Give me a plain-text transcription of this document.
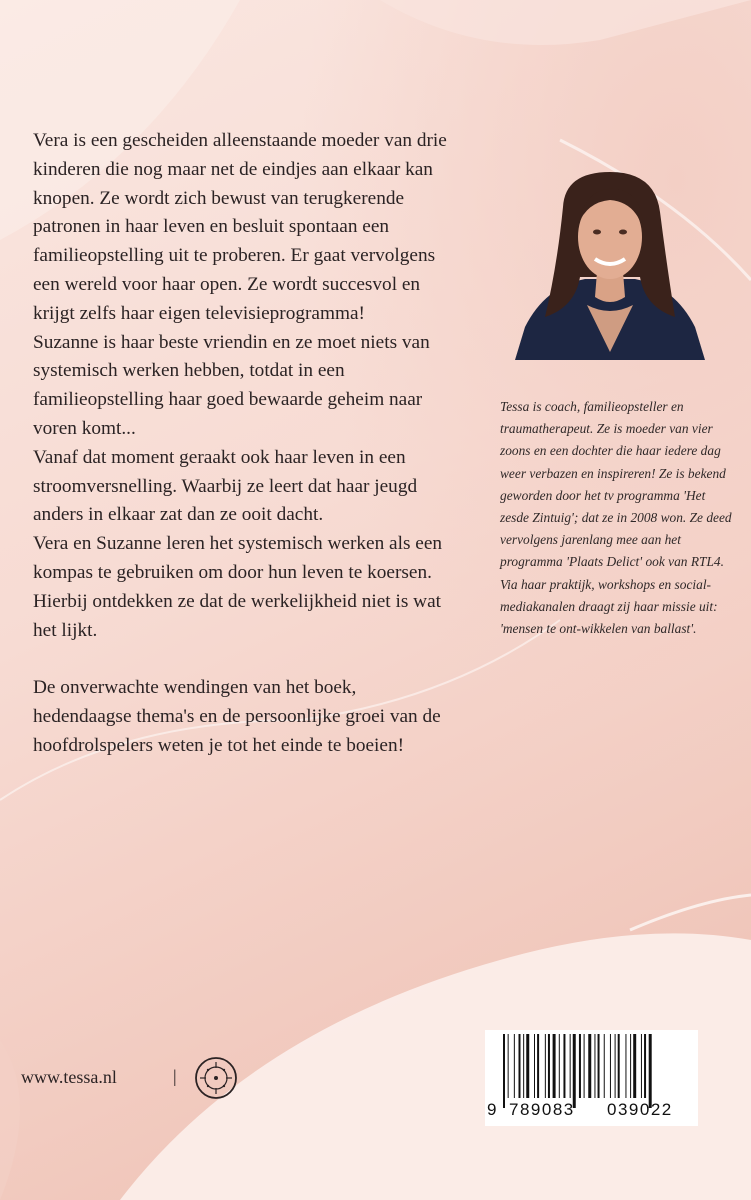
Vera is een gescheiden alleenstaande moeder van drie kinderen die nog maar net de eindjes aan elkaar kan knopen. Ze wordt zich bewust van terugkerende patronen in haar leven en besluit spontaan een familieopstelling uit te proberen. Er gaat vervolgens een wereld voor haar open. Ze wordt succesvol en krijgt zelfs haar eigen televisieprogramma!

Suzanne is haar beste vriendin en ze moet niets van systemisch werken hebben, totdat in een familieopstelling haar goed bewaarde geheim naar voren komt...

Vanaf dat moment geraakt ook haar leven in een stroomversnelling. Waarbij ze leert dat haar jeugd anders in elkaar zat dan ze ooit dacht.

Vera en Suzanne leren het systemisch werken als een kompas te gebruiken om door hun leven te koersen. Hierbij ontdekken ze dat de werkelijkheid niet is wat het lijkt.

De onverwachte wendingen van het boek, hedendaagse thema's en de persoonlijke groei van de hoofdrolspelers weten je tot het einde te boeien!

Tessa is coach, familieopsteller en traumatherapeut. Ze is moeder van vier zoons en een dochter die haar iedere dag weer verbazen en inspireren! Ze is bekend geworden door het tv programma 'Het zesde Zintuig'; dat ze in 2008 won. Ze deed vervolgens jarenlang mee aan het programma 'Plaats Delict' ook van RTL4.

Via haar praktijk, workshops en social-mediakanalen draagt zij haar missie uit: 'mensen te ont-wikkelen van ballast'.

www.tessa.nl	|
9 789083 039022
